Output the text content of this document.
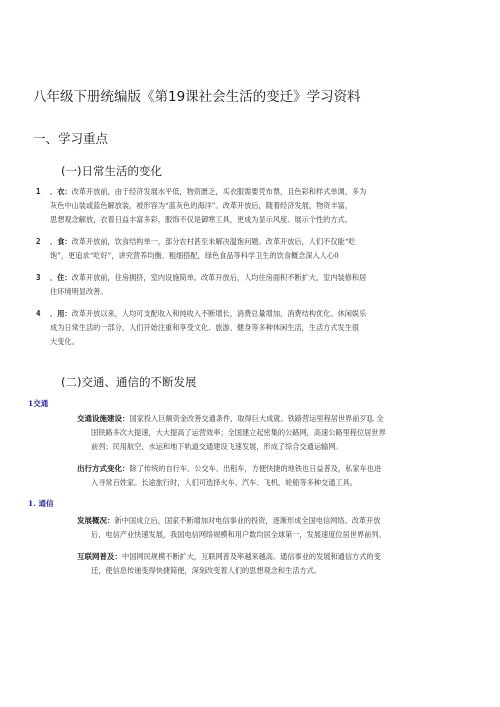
八年级下册统编版《第19课社会生活的变迁》学习资料
一、学习重点
(一)日常生活的变化
1	．衣：改革开放前，由于经济发展水平低，物资匮乏，买衣服需要凭布票，且色彩和样式单调，多为
灰色中山装或蓝色解放装，被形容为“蓝灰色的海洋”。改革开放后，随着经济发展，物资丰富，
思想观念解放，衣着日益丰富多彩，服饰不仅是御寒工具，更成为显示风度、展示个性的方式。
2	．食：改革开放前，饮食结构单一，部分农村甚至未解决温饱问题。改革开放后，人们不仅能“吃
饱”，更追求“吃好”，讲究营养均衡、粗细搭配，绿色食品等科学卫生的饮食概念深入人心0
3	．住：改革开放前，住房拥挤，室内设施简单。改革开放后，人均住房面积不断扩大，室内装修和居
住环境明显改善。
4	．用：改革开放以来，人均可支配收入和纯收入不断增长，消费总量增加，消费结构优化。休闲娱乐
成为日常生活的一部分，人们开始注重和享受文化、旅游、健身等多种休闲生活，生活方式发生很
大变化。
(二)交通、通信的不断发展
1交通
交通设施建设：国家投入巨额资金改善交通条件，取得巨大成就。铁路营运里程居世界前歹IJ, 全
国铁路多次大提速，大大提高了运营效率；全国建立起密集的公路网，高速公路里程位居世界
前列；民用航空、水运和地下轨道交通建设飞速发展，形成了综合交通运输网。
出行方式变化：除了传统的自行车、公交车、出租车，方便快捷的地铁也日益普及，私家车也进
入寻常百姓家。长途旅行时，人们可选择火车、汽车、飞机、轮船等多种交通工具。
1. 通信
发展概况：新中国成立后，国家不断增加对电信事业的投资，逐渐形成全国电信网络。改革开放
后，电信产业快速发展，我国电信网络规模和用户数均居全球第一，发展速度位居世界前列。
互联网普及：中国网民规模不断扩大，互联网普及率越来越高。通信事业的发展和通信方式的变
迁，使信息传递变得快捷简便，深刻改变着人们的思想观念和生活方式。
